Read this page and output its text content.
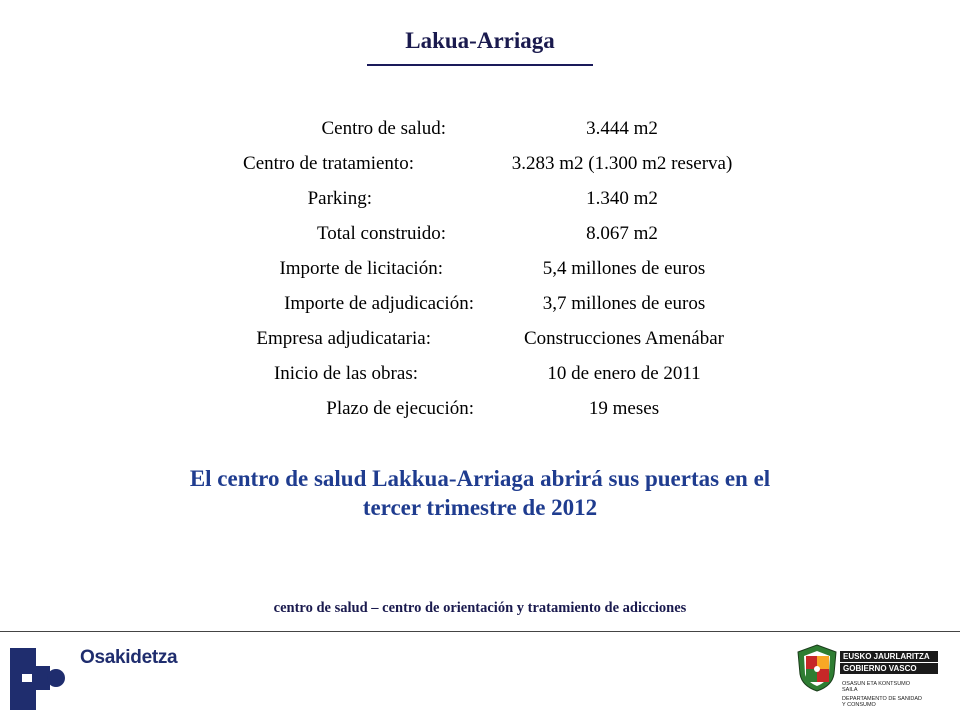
Lakua-Arriaga
Centro de salud:	3.444 m2
Centro de tratamiento:	3.283 m2 (1.300 m2 reserva)
Parking:	1.340 m2
Total construido:	8.067 m2
Importe de licitación:	5,4 millones de euros
Importe de adjudicación:	3,7 millones de euros
Empresa adjudicataria:	Construcciones Amenábar
Inicio de las obras:	10 de enero de 2011
Plazo de ejecución:	19 meses
El centro de salud Lakkua-Arriaga abrirá sus puertas en el
tercer trimestre de 2012
centro de salud – centro de orientación y tratamiento de adicciones
Osakidetza	EUSKO JAURLARITZA
GOBIERNO VASCO
OSASUN ETA KONTSUMO
SAILA
DEPARTAMENTO DE SANIDAD
Y CONSUMO
